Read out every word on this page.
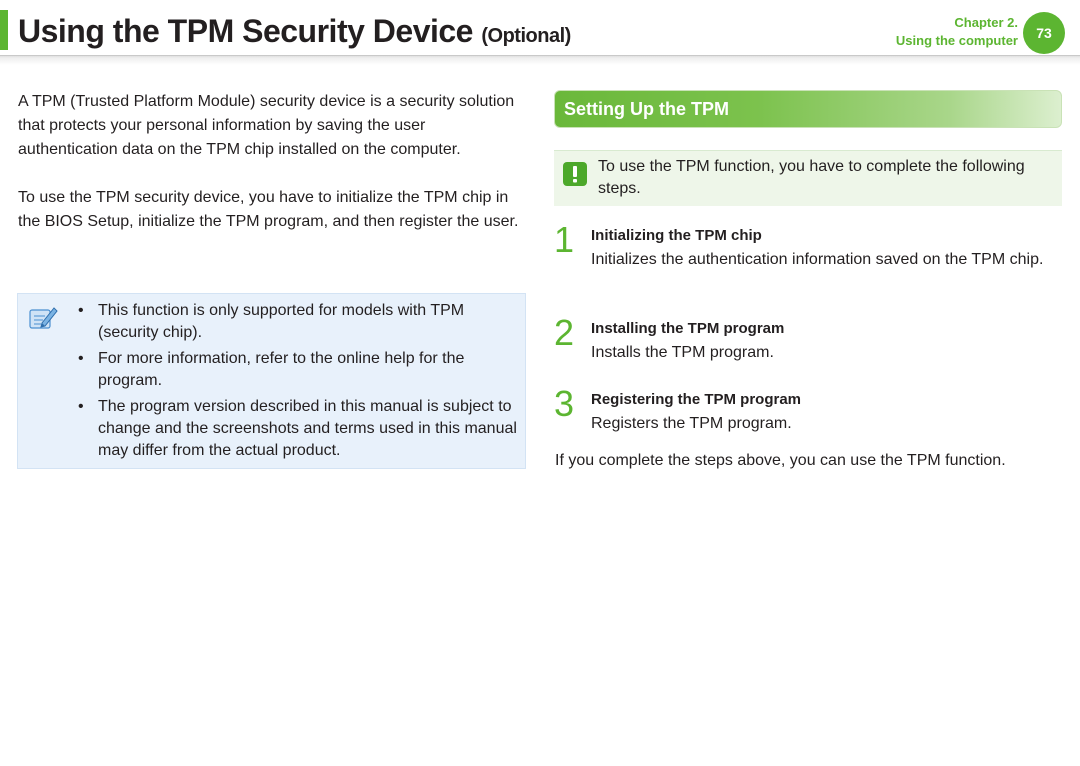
Using the TPM Security Device (Optional)
Chapter 2.
Using the computer	73

A TPM (Trusted Platform Module) security device is a security solution that protects your personal information by saving the user authentication data on the TPM chip installed on the computer.

To use the TPM security device, you have to initialize the TPM chip in the BIOS Setup, initialize the TPM program, and then register the user.

• This function is only supported for models with TPM (security chip).
• For more information, refer to the online help for the program.
• The program version described in this manual is subject to change and the screenshots and terms used in this manual may differ from the actual product.
Setting Up the TPM
To use the TPM function, you have to complete the following steps.
1 Initializing the TPM chip
Initializes the authentication information saved on the TPM chip.
2 Installing the TPM program
Installs the TPM program.
3 Registering the TPM program
Registers the TPM program.

If you complete the steps above, you can use the TPM function.
